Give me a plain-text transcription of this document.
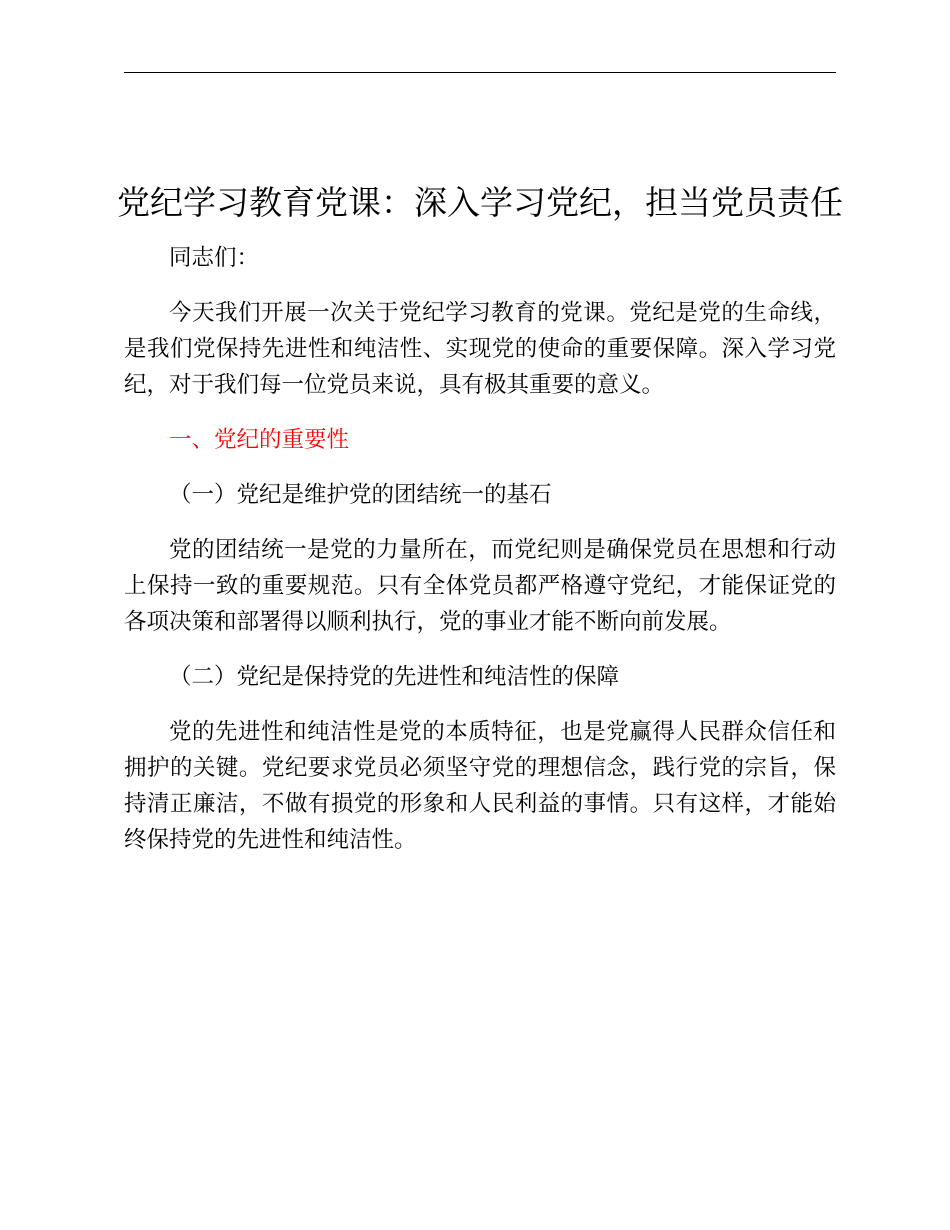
党纪学习教育党课：深入学习党纪，担当党员责任

同志们：

今天我们开展一次关于党纪学习教育的党课。党纪是党的生命线，是我们党保持先进性和纯洁性、实现党的使命的重要保障。深入学习党纪，对于我们每一位党员来说，具有极其重要的意义。

一、党纪的重要性

（一）党纪是维护党的团结统一的基石

党的团结统一是党的力量所在，而党纪则是确保党员在思想和行动上保持一致的重要规范。只有全体党员都严格遵守党纪，才能保证党的各项决策和部署得以顺利执行，党的事业才能不断向前发展。

（二）党纪是保持党的先进性和纯洁性的保障

党的先进性和纯洁性是党的本质特征，也是党赢得人民群众信任和拥护的关键。党纪要求党员必须坚守党的理想信念，践行党的宗旨，保持清正廉洁，不做有损党的形象和人民利益的事情。只有这样，才能始终保持党的先进性和纯洁性。
